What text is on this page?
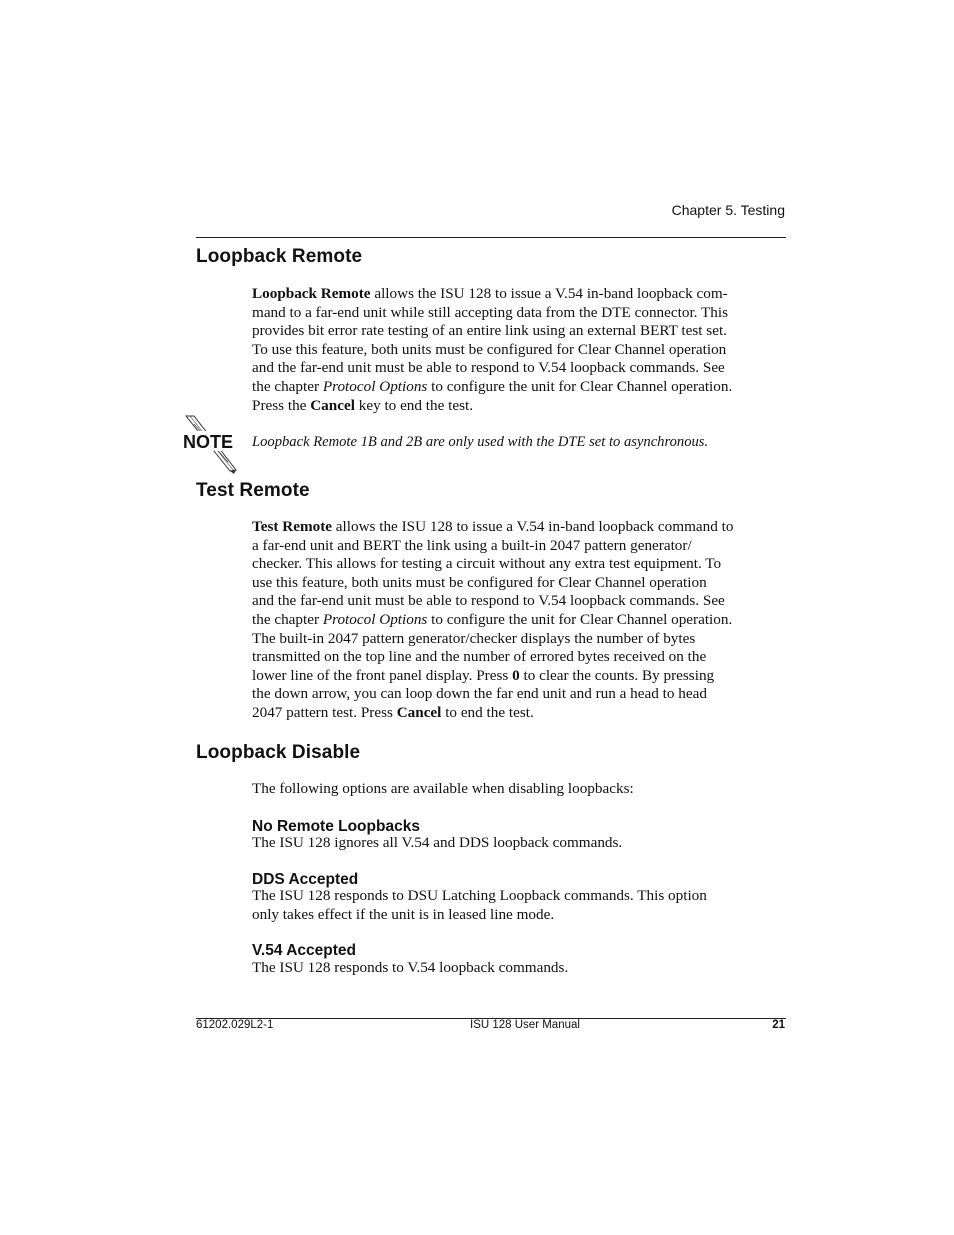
Chapter 5. Testing
Loopback Remote
Loopback Remote allows the ISU 128 to issue a V.54 in-band loopback com-
mand to a far-end unit while still accepting data from the DTE connector. This
provides bit error rate testing of an entire link using an external BERT test set.
To use this feature, both units must be configured for Clear Channel operation
and the far-end unit must be able to respond to V.54 loopback commands. See
the chapter Protocol Options to configure the unit for Clear Channel operation.
Press the Cancel key to end the test.
NOTE Loopback Remote 1B and 2B are only used with the DTE set to asynchronous.
Test Remote
Test Remote allows the ISU 128 to issue a V.54 in-band loopback command to
a far-end unit and BERT the link using a built-in 2047 pattern generator/
checker. This allows for testing a circuit without any extra test equipment. To
use this feature, both units must be configured for Clear Channel operation
and the far-end unit must be able to respond to V.54 loopback commands. See
the chapter Protocol Options to configure the unit for Clear Channel operation.
The built-in 2047 pattern generator/checker displays the number of bytes
transmitted on the top line and the number of errored bytes received on the
lower line of the front panel display. Press 0 to clear the counts. By pressing
the down arrow, you can loop down the far end unit and run a head to head
2047 pattern test. Press Cancel to end the test.
Loopback Disable
The following options are available when disabling loopbacks:
No Remote Loopbacks
The ISU 128 ignores all V.54 and DDS loopback commands.
DDS Accepted
The ISU 128 responds to DSU Latching Loopback commands. This option
only takes effect if the unit is in leased line mode.
V.54 Accepted
The ISU 128 responds to V.54 loopback commands.
61202.029L2-1	ISU 128 User Manual	21
